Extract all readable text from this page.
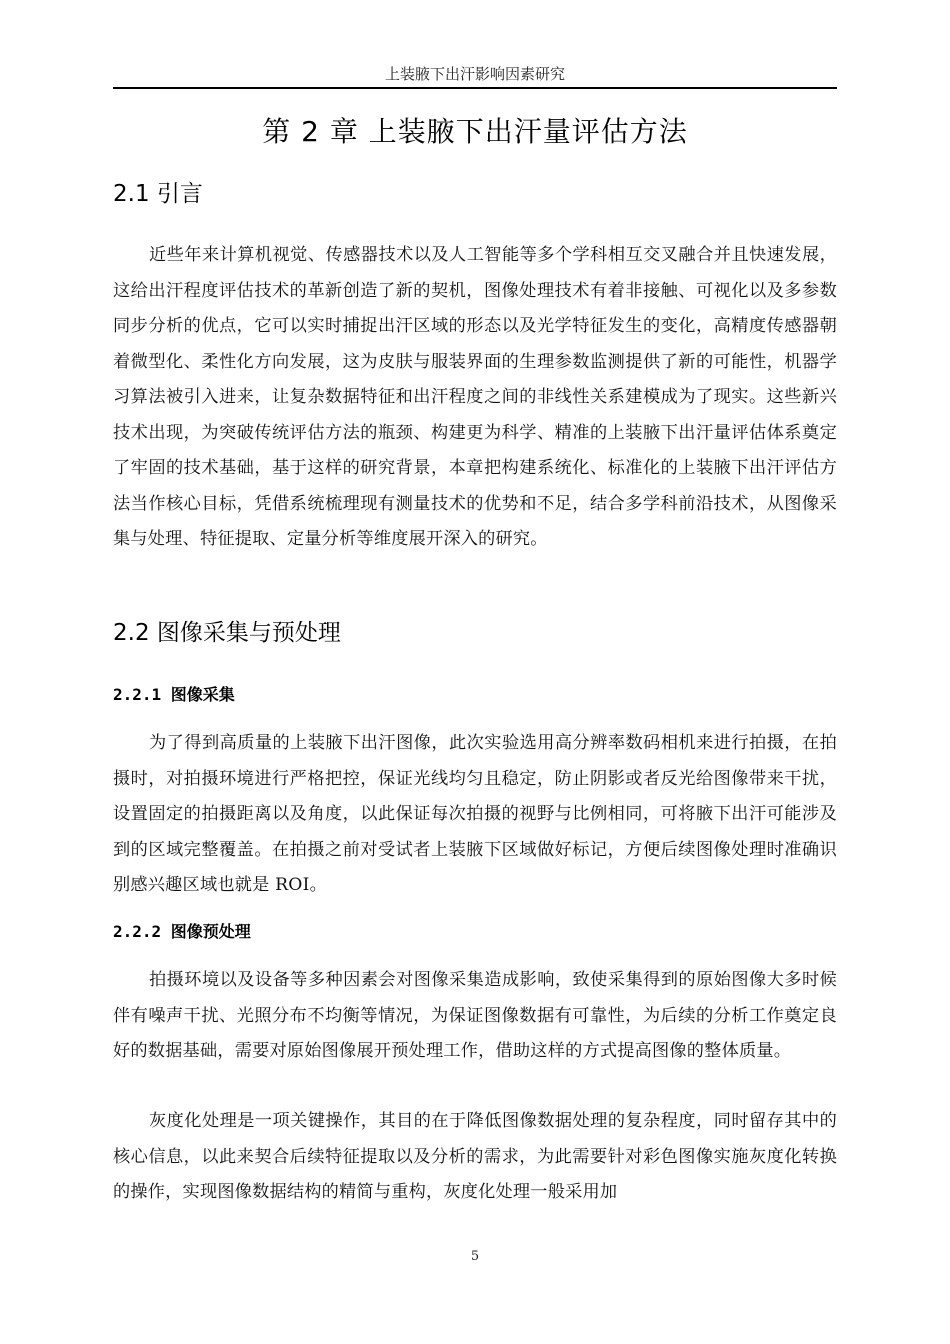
上装腋下出汗影响因素研究
第 2 章 上装腋下出汗量评估方法
2.1 引言

近些年来计算机视觉、传感器技术以及人工智能等多个学科相互交叉融合并且快速发展，这给出汗程度评估技术的革新创造了新的契机，图像处理技术有着非接触、可视化以及多参数同步分析的优点，它可以实时捕捉出汗区域的形态以及光学特征发生的变化，高精度传感器朝着微型化、柔性化方向发展，这为皮肤与服装界面的生理参数监测提供了新的可能性，机器学习算法被引入进来，让复杂数据特征和出汗程度之间的非线性关系建模成为了现实。这些新兴技术出现，为突破传统评估方法的瓶颈、构建更为科学、精准的上装腋下出汗量评估体系奠定了牢固的技术基础，基于这样的研究背景，本章把构建系统化、标准化的上装腋下出汗评估方法当作核心目标，凭借系统梳理现有测量技术的优势和不足，结合多学科前沿技术，从图像采集与处理、特征提取、定量分析等维度展开深入的研究。

2.2 图像采集与预处理
2.2.1 图像采集

为了得到高质量的上装腋下出汗图像，此次实验选用高分辨率数码相机来进行拍摄，在拍摄时，对拍摄环境进行严格把控，保证光线均匀且稳定，防止阴影或者反光给图像带来干扰，设置固定的拍摄距离以及角度，以此保证每次拍摄的视野与比例相同，可将腋下出汗可能涉及到的区域完整覆盖。在拍摄之前对受试者上装腋下区域做好标记，方便后续图像处理时准确识别感兴趣区域也就是 ROI。

2.2.2 图像预处理

拍摄环境以及设备等多种因素会对图像采集造成影响，致使采集得到的原始图像大多时候伴有噪声干扰、光照分布不均衡等情况，为保证图像数据有可靠性，为后续的分析工作奠定良好的数据基础，需要对原始图像展开预处理工作，借助这样的方式提高图像的整体质量。

灰度化处理是一项关键操作，其目的在于降低图像数据处理的复杂程度，同时留存其中的核心信息，以此来契合后续特征提取以及分析的需求，为此需要针对彩色图像实施灰度化转换的操作，实现图像数据结构的精简与重构，灰度化处理一般采用加

5
